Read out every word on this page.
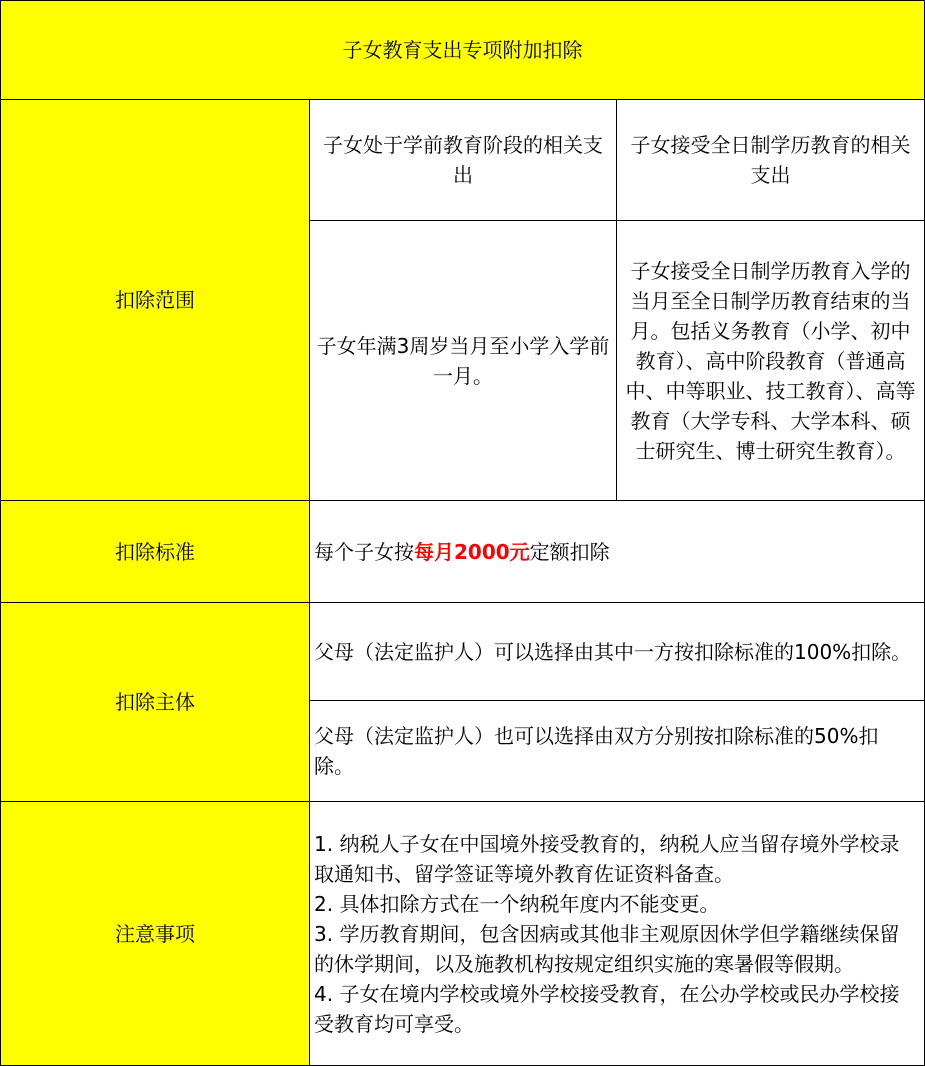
子女教育支出专项附加扣除
扣除范围
子女处于学前教育阶段的相关支出
子女接受全日制学历教育的相关支出
子女年满3周岁当月至小学入学前一月。
子女接受全日制学历教育入学的当月至全日制学历教育结束的当月。包括义务教育（小学、初中教育）、高中阶段教育（普通高中、中等职业、技工教育）、高等教育（大学专科、大学本科、硕士研究生、博士研究生教育）。
扣除标准	每个子女按每月2000元定额扣除
扣除主体
父母（法定监护人）可以选择由其中一方按扣除标准的100%扣除。
父母（法定监护人）也可以选择由双方分别按扣除标准的50%扣除。
注意事项

1. 纳税人子女在中国境外接受教育的，纳税人应当留存境外学校录取通知书、留学签证等境外教育佐证资料备查。

2. 具体扣除方式在一个纳税年度内不能变更。

3. 学历教育期间，包含因病或其他非主观原因休学但学籍继续保留的休学期间，以及施教机构按规定组织实施的寒暑假等假期。

4. 子女在境内学校或境外学校接受教育，在公办学校或民办学校接受教育均可享受。
